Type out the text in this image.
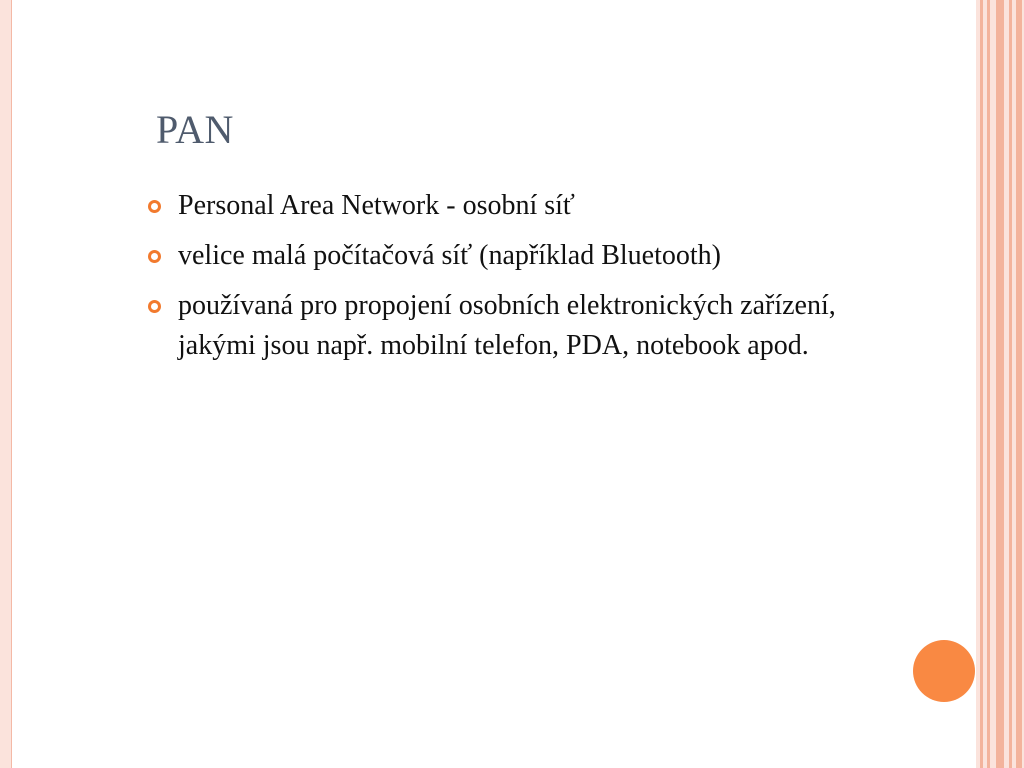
PAN
Personal Area Network - osobní síť
velice malá počítačová síť (například Bluetooth)
používaná pro propojení osobních elektronických zařízení, jakými jsou např. mobilní telefon, PDA, notebook apod.
